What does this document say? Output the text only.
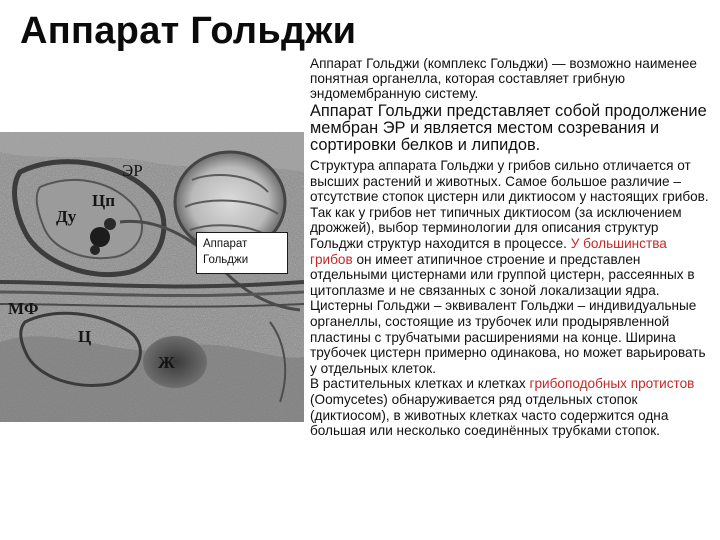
Аппарат Гольджи

Аппарат Гольджи (комплекс Гольджи) — возможно наименее понятная органелла, которая составляет грибную эндомембранную систему.

Аппарат Гольджи представляет собой продолжение мембран ЭР и является местом созревания и сортировки белков и липидов.

Структура аппарата Гольджи у грибов сильно отличается от высших растений и животных. Самое большое различие – отсутствие стопок цистерн или диктиосом у настоящих грибов. Так как у грибов нет типичных диктиосом (за исключением дрожжей), выбор терминологии для описания структур Гольджи структур находится в процессе. У большинства грибов он имеет атипичное строение и представлен отдельными цистернами или группой цистерн, рассеянных в цитоплазме и не связанных с зоной локализации ядра.

Цистерны Гольджи – эквивалент Гольджи – индивидуальные органеллы, состоящие из трубочек или продырявленной пластины с трубчатыми расширениями на конце. Ширина трубочек цистерн примерно одинакова, но может варьировать у отдельных клеток.

В растительных клетках и клетках грибоподобных протистов (Oomycetes) обнаруживается ряд отдельных стопок (диктиосом), в животных клетках часто содержится одна большая или несколько соединённых трубками стопок.

ЭР
Цп
Ду
МФ
Ц
Ж
Аппарат
Гольджи
